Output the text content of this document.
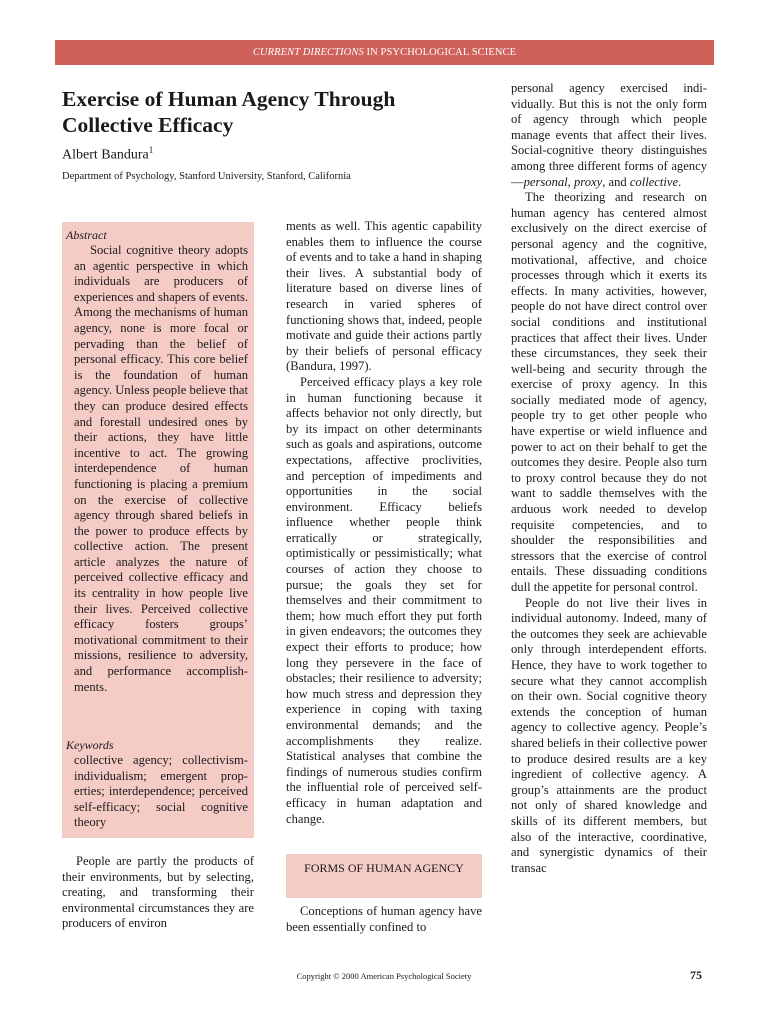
CURRENT DIRECTIONS IN PSYCHOLOGICAL SCIENCE
Exercise of Human Agency Through Collective Efficacy
Albert Bandura$^1$
Department of Psychology, Stanford University, Stanford, California
Abstract
Social cognitive theory adopts an agentic perspective in which individuals are producers of experiences and shapers of events. Among the mechanisms of human agency, none is more focal or pervading than the belief of personal efficacy. This core belief is the foundation of human agency. Unless people believe that they can produce desired effects and forestall undesired ones by their actions, they have little incentive to act. The growing interdependence of human functioning is placing a premium on the exercise of collective agency through shared beliefs in the power to produce effects by collective action. The present article analyzes the nature of perceived collective efficacy and its centrality in how people live their lives. Perceived collective efficacy fosters groups’ motivational commitment to their missions, resilience to adversity, and performance accomplishments.
Keywords
collective agency; collectivism-individualism; emergent properties; interdependence; perceived self-efficacy; social cognitive theory

People are partly the products of their environments, but by selecting, creating, and transforming their environmental circumstances they are producers of environ

ments as well. This agentic capability enables them to influence the course of events and to take a hand in shaping their lives. A substantial body of literature based on diverse lines of research in varied spheres of functioning shows that, indeed, people motivate and guide their actions partly by their beliefs of personal efficacy (Bandura, 1997).

Perceived efficacy plays a key role in human functioning because it affects behavior not only directly, but by its impact on other determinants such as goals and aspirations, outcome expectations, affective proclivities, and perception of impediments and opportunities in the social environment. Efficacy beliefs influence whether people think erratically or strategically, optimistically or pessimistically; what courses of action they choose to pursue; the goals they set for themselves and their commitment to them; how much effort they put forth in given endeavors; the outcomes they expect their efforts to produce; how long they persevere in the face of obstacles; their resilience to adversity; how much stress and depression they experience in coping with taxing environmental demands; and the accomplishments they realize. Statistical analyses that combine the findings of numerous studies confirm the influential role of perceived self-efficacy in human adaptation and change.

FORMS OF HUMAN AGENCY

Conceptions of human agency have been essentially confined to

personal agency exercised individually. But this is not the only form of agency through which people manage events that affect their lives. Social-cognitive theory distinguishes among three different forms of agency—personal, proxy, and collective.

The theorizing and research on human agency has centered almost exclusively on the direct exercise of personal agency and the cognitive, motivational, affective, and choice processes through which it exerts its effects. In many activities, however, people do not have direct control over social conditions and institutional practices that affect their lives. Under these circumstances, they seek their well-being and security through the exercise of proxy agency. In this socially mediated mode of agency, people try to get other people who have expertise or wield influence and power to act on their behalf to get the outcomes they desire. People also turn to proxy control because they do not want to saddle themselves with the arduous work needed to develop requisite competencies, and to shoulder the responsibilities and stressors that the exercise of control entails. These dissuading conditions dull the appetite for personal control.

People do not live their lives in individual autonomy. Indeed, many of the outcomes they seek are achievable only through interdependent efforts. Hence, they have to work together to secure what they cannot accomplish on their own. Social cognitive theory extends the conception of human agency to collective agency. People’s shared beliefs in their collective power to produce desired results are a key ingredient of collective agency. A group’s attainments are the product not only of shared knowledge and skills of its different members, but also of the interactive, coordinative, and synergistic dynamics of their transac

Copyright © 2000 American Psychological Society	75
